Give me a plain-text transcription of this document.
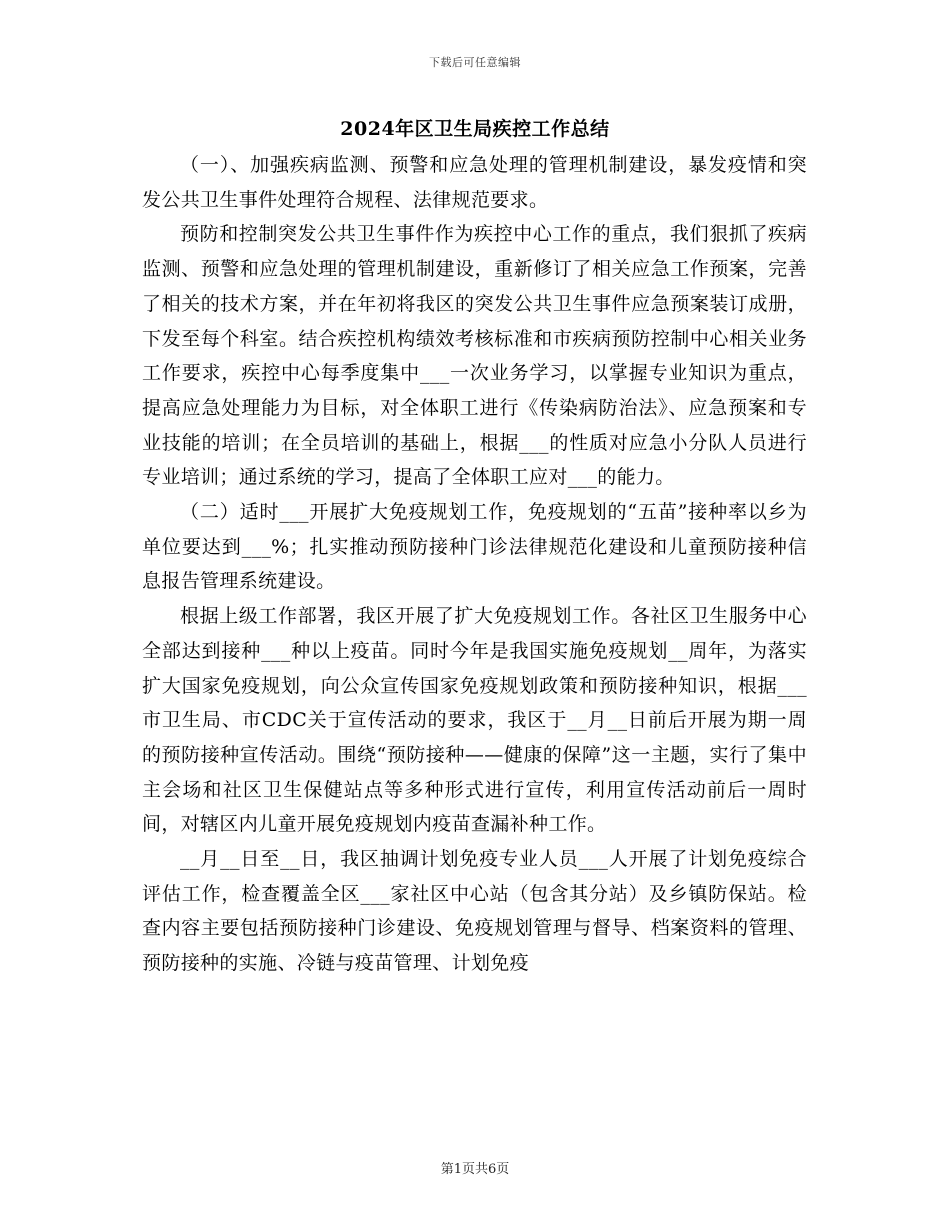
下载后可任意编辑
2024年区卫生局疾控工作总结

（一）、加强疾病监测、预警和应急处理的管理机制建设，暴发疫情和突发公共卫生事件处理符合规程、法律规范要求。

预防和控制突发公共卫生事件作为疾控中心工作的重点，我们狠抓了疾病监测、预警和应急处理的管理机制建设，重新修订了相关应急工作预案，完善了相关的技术方案，并在年初将我区的突发公共卫生事件应急预案装订成册，下发至每个科室。结合疾控机构绩效考核标准和市疾病预防控制中心相关业务工作要求，疾控中心每季度集中___一次业务学习，以掌握专业知识为重点，提高应急处理能力为目标，对全体职工进行《传染病防治法》、应急预案和专业技能的培训；在全员培训的基础上，根据___的性质对应急小分队人员进行专业培训；通过系统的学习，提高了全体职工应对___的能力。

（二）适时___开展扩大免疫规划工作，免疫规划的“五苗”接种率以乡为单位要达到___%；扎实推动预防接种门诊法律规范化建设和儿童预防接种信息报告管理系统建设。

根据上级工作部署，我区开展了扩大免疫规划工作。各社区卫生服务中心全部达到接种___种以上疫苗。同时今年是我国实施免疫规划__周年，为落实扩大国家免疫规划，向公众宣传国家免疫规划政策和预防接种知识，根据___市卫生局、市CDC关于宣传活动的要求，我区于__月__日前后开展为期一周的预防接种宣传活动。围绕“预防接种——健康的保障”这一主题，实行了集中主会场和社区卫生保健站点等多种形式进行宣传，利用宣传活动前后一周时间，对辖区内儿童开展免疫规划内疫苗查漏补种工作。

__月__日至__日，我区抽调计划免疫专业人员___人开展了计划免疫综合评估工作，检查覆盖全区___家社区中心站（包含其分站）及乡镇防保站。检查内容主要包括预防接种门诊建设、免疫规划管理与督导、档案资料的管理、预防接种的实施、冷链与疫苗管理、计划免疫

第1页共6页
